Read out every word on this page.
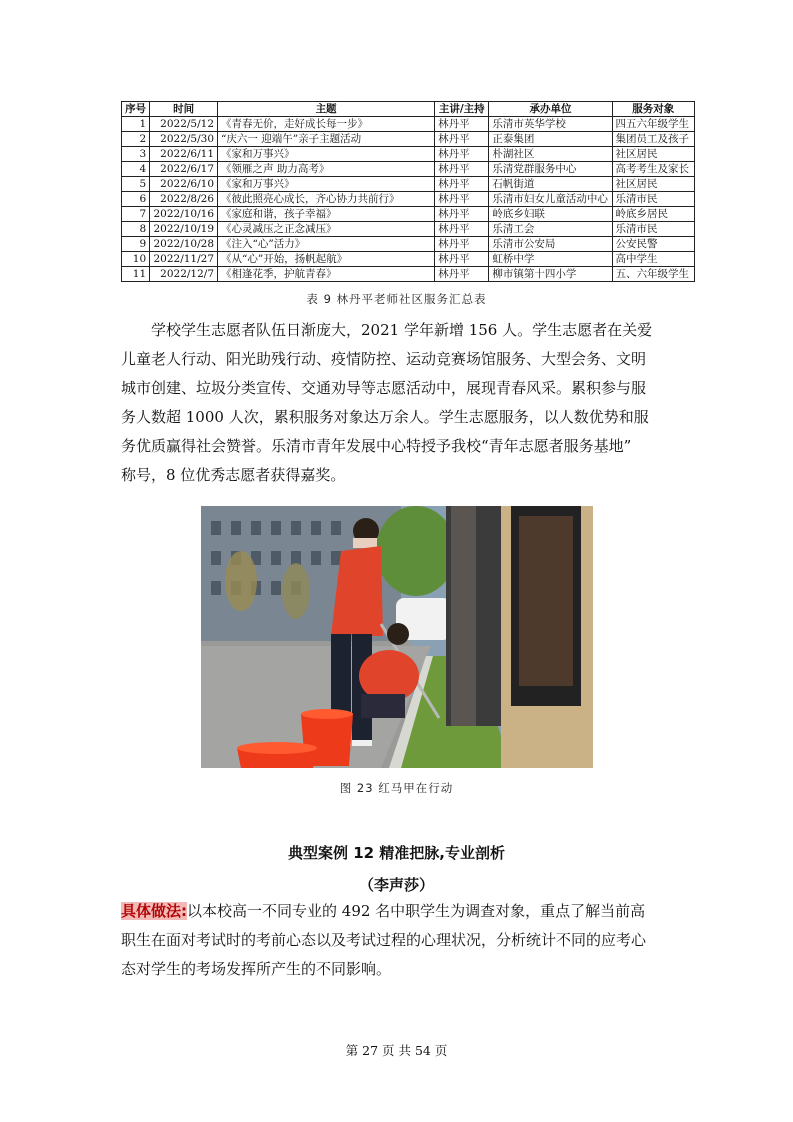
序号	时间	主题	主讲/主持	承办单位	服务对象
1	2022/5/12	《青春无价，走好成长每一步》	林丹平	乐清市英华学校	四五六年级学生
2	2022/5/30	“庆六一 迎端午”亲子主题活动	林丹平	正泰集团	集团员工及孩子
3	2022/6/11	《家和万事兴》	林丹平	朴湖社区	社区居民
4	2022/6/17	《领雁之声 助力高考》	林丹平	乐清党群服务中心	高考考生及家长
5	2022/6/10	《家和万事兴》	林丹平	石帆街道	社区居民
6	2022/8/26	《彼此照亮心成长，齐心协力共前行》	林丹平	乐清市妇女儿童活动中心	乐清市民
7	2022/10/16	《家庭和谐，孩子幸福》	林丹平	岭底乡妇联	岭底乡居民
8	2022/10/19	《心灵减压之正念减压》	林丹平	乐清工会	乐清市民
9	2022/10/28	《注入“心”活力》	林丹平	乐清市公安局	公安民警
10	2022/11/27	《从“心”开始，扬帆起航》	林丹平	虹桥中学	高中学生
11	2022/12/7	《相逢花季，护航青春》	林丹平	柳市镇第十四小学	五、六年级学生
表 9 林丹平老师社区服务汇总表

学校学生志愿者队伍日渐庞大，2021 学年新增 156 人。学生志愿者在关爱
儿童老人行动、阳光助残行动、疫情防控、运动竞赛场馆服务、大型会务、文明
城市创建、垃圾分类宣传、交通劝导等志愿活动中，展现青春风采。累积参与服
务人数超 1000 人次，累积服务对象达万余人。学生志愿服务，以人数优势和服
务优质赢得社会赞誉。乐清市青年发展中心特授予我校“青年志愿者服务基地”
称号，8 位优秀志愿者获得嘉奖。

图 23 红马甲在行动
典型案例 12 精准把脉,专业剖析
（李声莎）

具体做法:以本校高一不同专业的 492 名中职学生为调查对象，重点了解当前高
职生在面对考试时的考前心态以及考试过程的心理状况，分析统计不同的应考心
态对学生的考场发挥所产生的不同影响。

第 27 页 共 54 页
